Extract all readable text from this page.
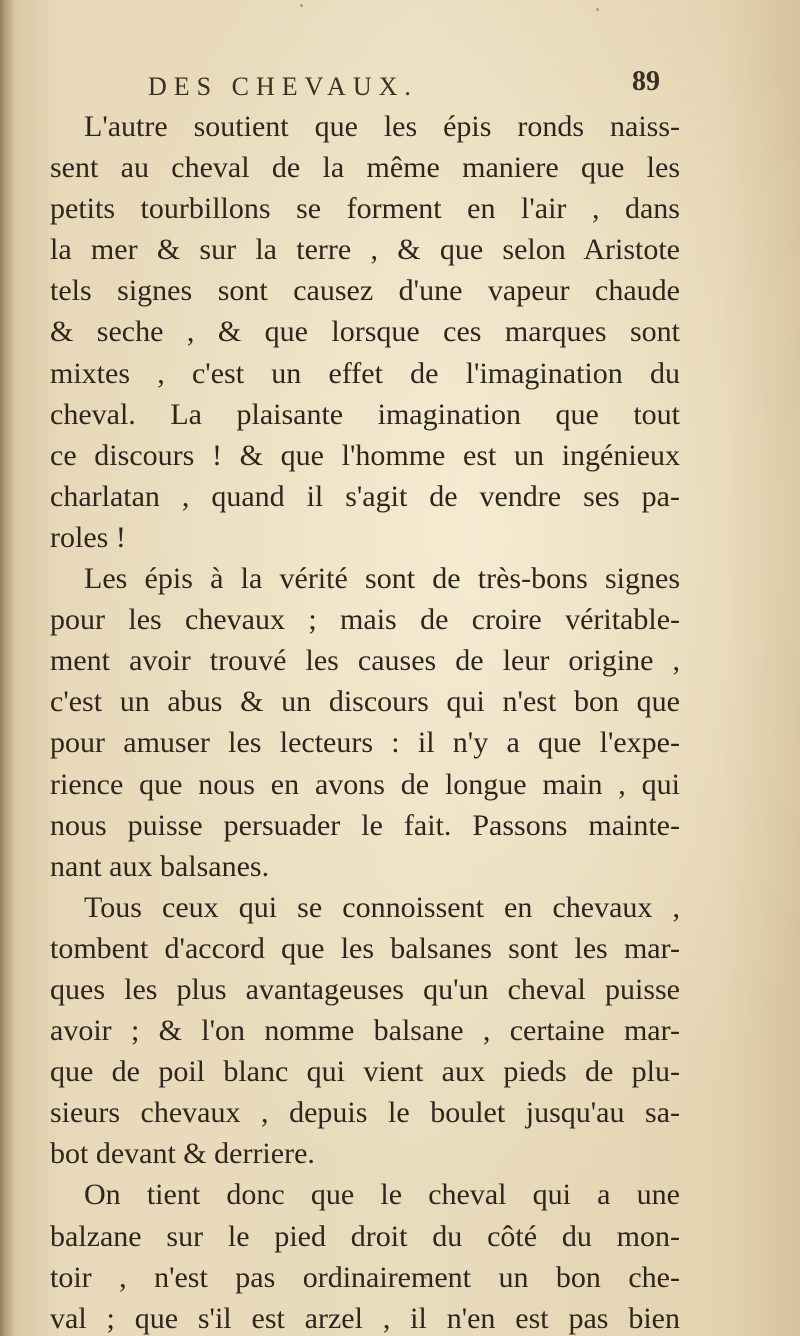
DES CHEVAUX.	89
L'autre soutient que les épis ronds naiss-
sent au cheval de la même maniere que les
petits tourbillons se forment en l'air , dans
la mer & sur la terre , & que selon Aristote
tels signes sont causez d'une vapeur chaude
& seche , & que lorsque ces marques sont
mixtes , c'est un effet de l'imagination du
cheval. La plaisante imagination que tout
ce discours ! & que l'homme est un ingénieux
charlatan , quand il s'agit de vendre ses pa-
roles !
Les épis à la vérité sont de très-bons signes
pour les chevaux ; mais de croire véritable-
ment avoir trouvé les causes de leur origine ,
c'est un abus & un discours qui n'est bon que
pour amuser les lecteurs : il n'y a que l'expe-
rience que nous en avons de longue main , qui
nous puisse persuader le fait. Passons mainte-
nant aux balsanes.
Tous ceux qui se connoissent en chevaux ,
tombent d'accord que les balsanes sont les mar-
ques les plus avantageuses qu'un cheval puisse
avoir ; & l'on nomme balsane , certaine mar-
que de poil blanc qui vient aux pieds de plu-
sieurs chevaux , depuis le boulet jusqu'au sa-
bot devant & derriere.
On tient donc que le cheval qui a une
balzane sur le pied droit du côté du mon-
toir , n'est pas ordinairement un bon che-
val ; que s'il est arzel , il n'en est pas bien
